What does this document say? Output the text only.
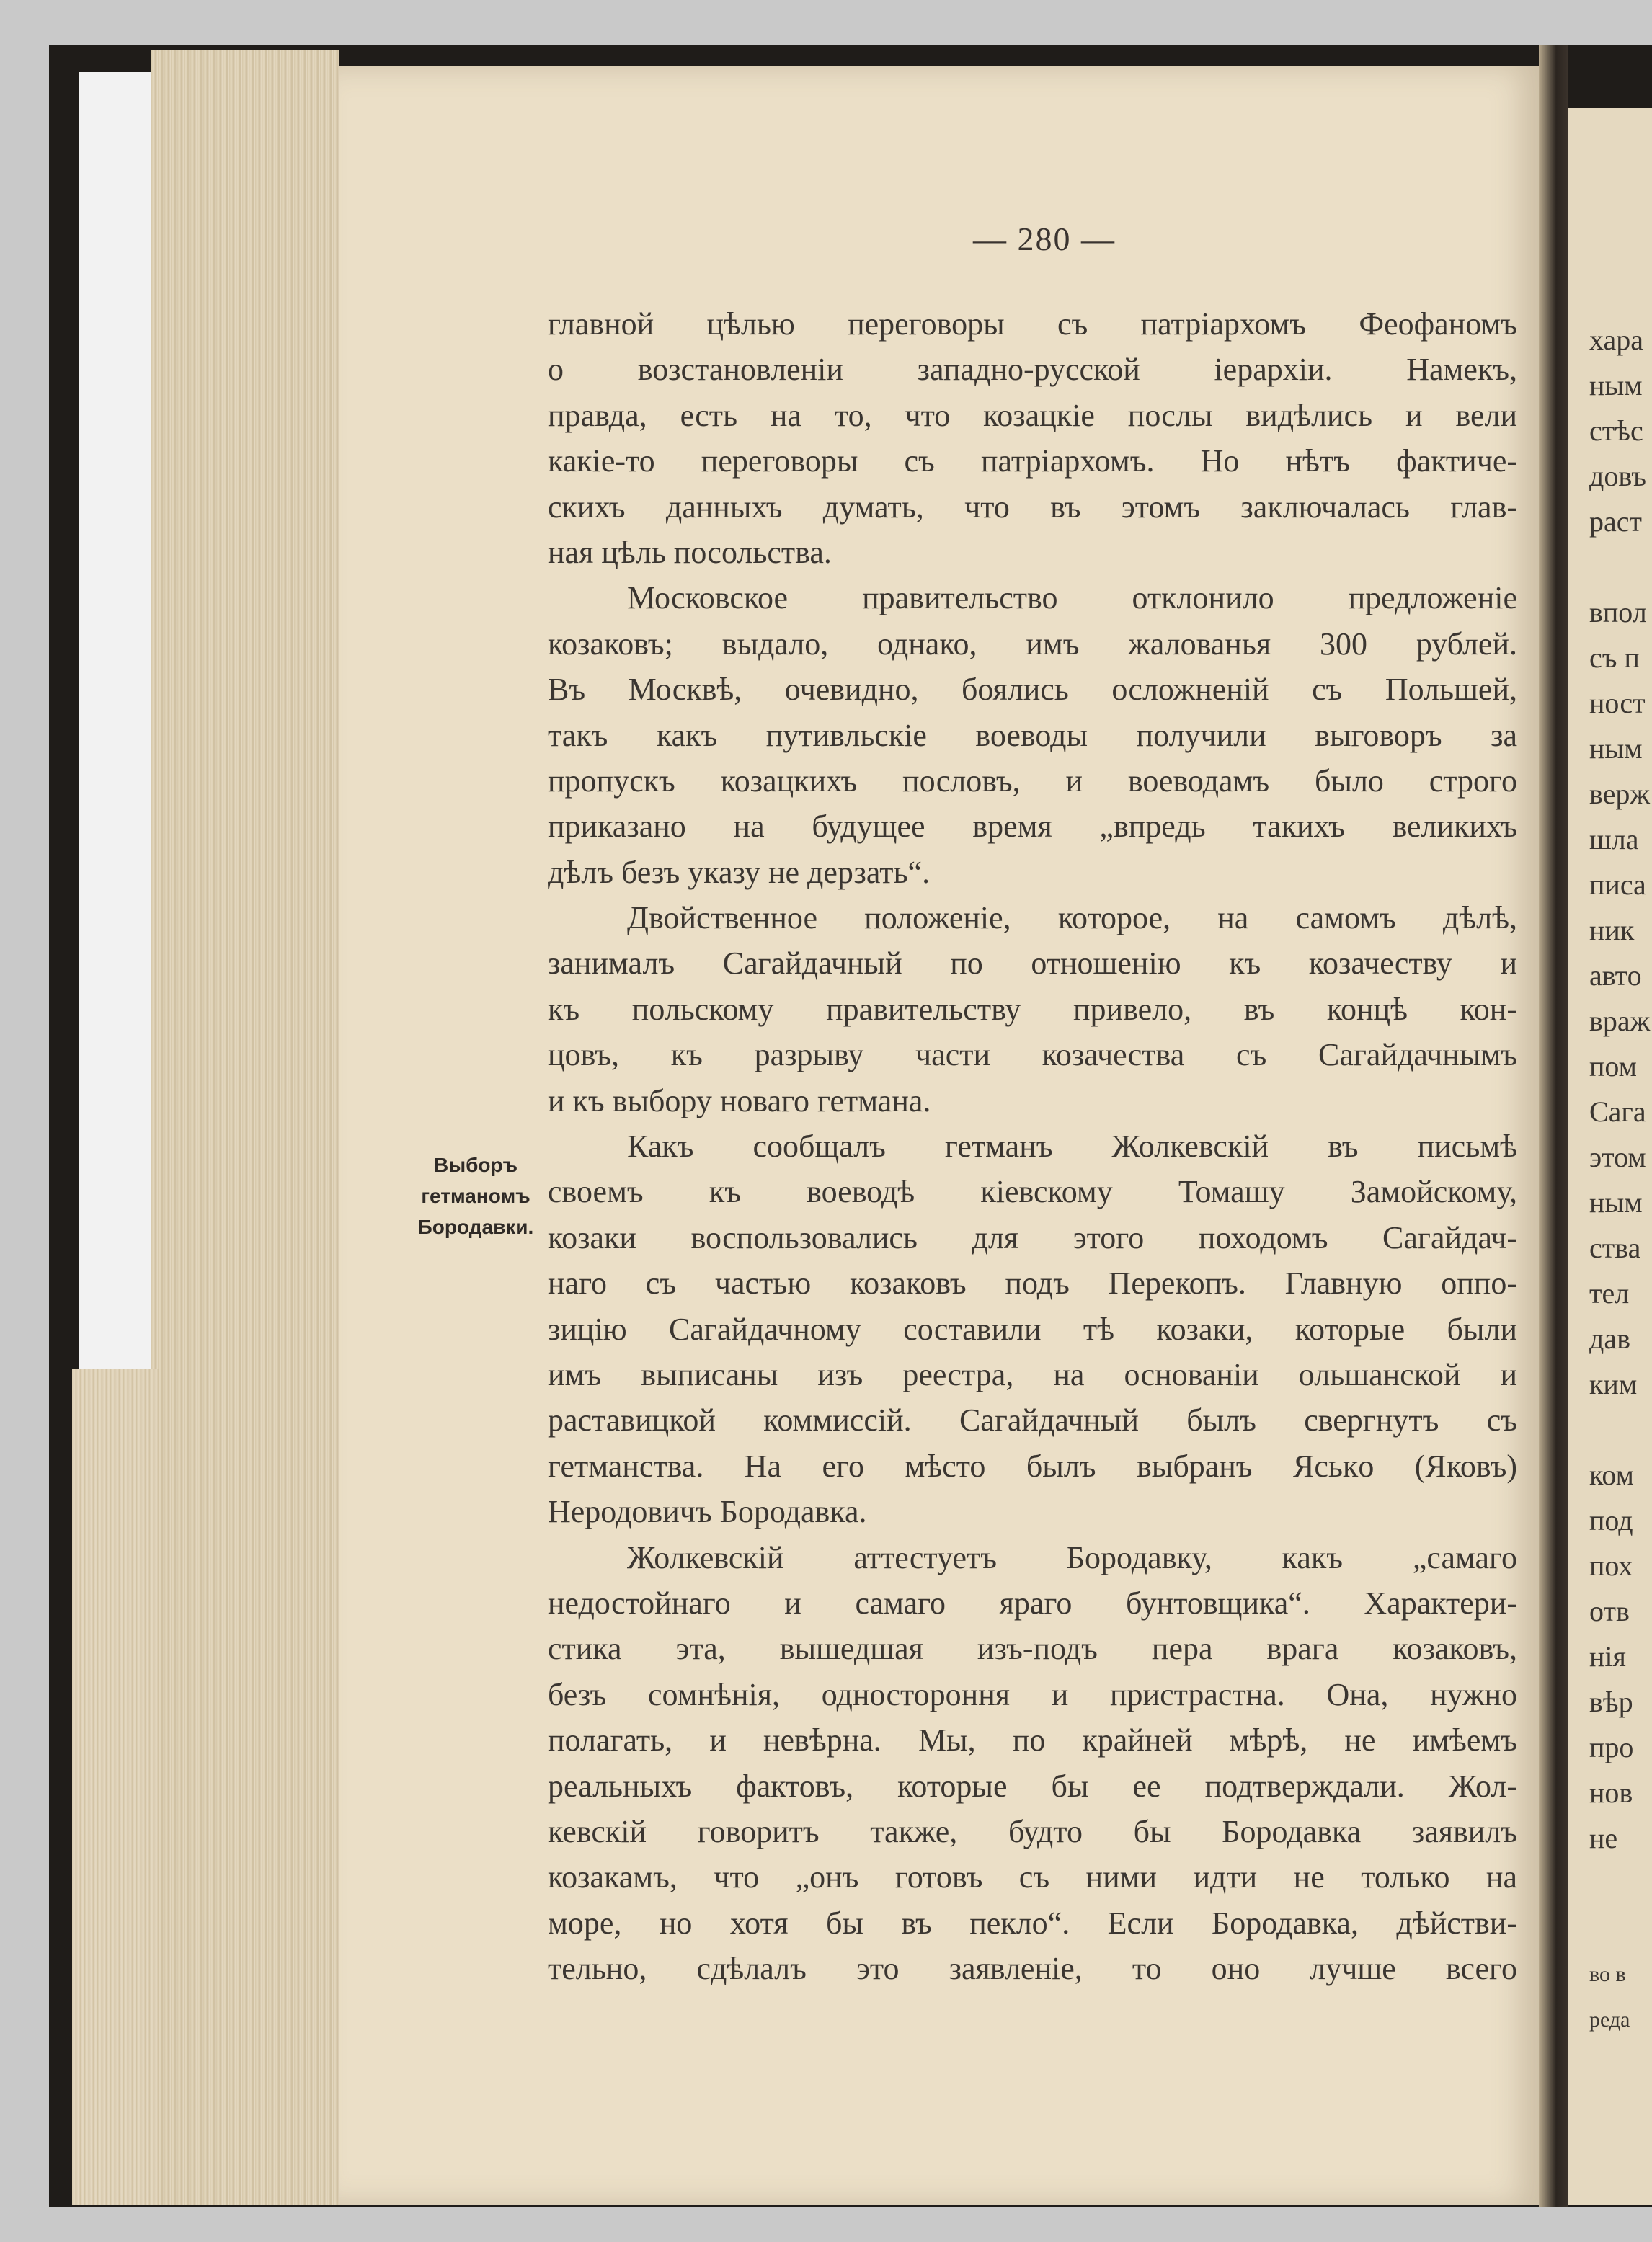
— 280 —
Выборъ
гетманомъ
Бородавки.
главной цѣлью переговоры съ патріархомъ Феофаномъ
о возстановленіи западно-русской іерархіи. Намекъ,
правда, есть на то, что козацкіе послы видѣлись и вели
какіе-то переговоры съ патріархомъ. Но нѣтъ фактиче-
скихъ данныхъ думать, что въ этомъ заключалась глав-
ная цѣль посольства.
Московское правительство отклонило предложеніе
козаковъ; выдало, однако, имъ жалованья 300 рублей.
Въ Москвѣ, очевидно, боялись осложненій съ Польшей,
такъ какъ путивльскіе воеводы получили выговоръ за
пропускъ козацкихъ пословъ, и воеводамъ было строго
приказано на будущее время „впредь такихъ великихъ
дѣлъ безъ указу не дерзать“.
Двойственное положеніе, которое, на самомъ дѣлѣ,
занималъ Сагайдачный по отношенію къ козачеству и
къ польскому правительству привело, въ концѣ кон-
цовъ, къ разрыву части козачества съ Сагайдачнымъ
и къ выбору новаго гетмана.
Какъ сообщалъ гетманъ Жолкевскій въ письмѣ
своемъ къ воеводѣ кіевскому Томашу Замойскому,
козаки воспользовались для этого походомъ Сагайдач-
наго съ частью козаковъ подъ Перекопъ. Главную оппо-
зицію Сагайдачному составили тѣ козаки, которые были
имъ выписаны изъ реестра, на основаніи ольшанской и
раставицкой коммиссій. Сагайдачный былъ свергнутъ съ
гетманства. На его мѣсто былъ выбранъ Яськo (Яковъ)
Неродовичъ Бородавка.
Жолкевскій аттестуетъ Бородавку, какъ „самаго
недостойнаго и самаго яраго бунтовщика“. Характери-
стика эта, вышедшая изъ-подъ пера врага козаковъ,
безъ сомнѣнія, одностороння и пристрастна. Она, нужно
полагать, и невѣрна. Мы, по крайней мѣрѣ, не имѣемъ
реальныхъ фактовъ, которые бы ее подтверждали. Жол-
кевскій говоритъ также, будто бы Бородавка заявилъ
козакамъ, что „онъ готовъ съ ними идти не только на
море, но хотя бы въ пекло“. Если Бородавка, дѣйстви-
тельно, сдѣлалъ это заявленіе, то оно лучше всего
хара
ным
стѣс
довъ
раст
впол
съ п
ност
ным
верж
шла
писа
ник
авто
враж
пом
Сага
этом
ным
ства
тел
дав
ким
ком
под
пох
отв
нія
вѣр
про
нов
не
во в
реда
